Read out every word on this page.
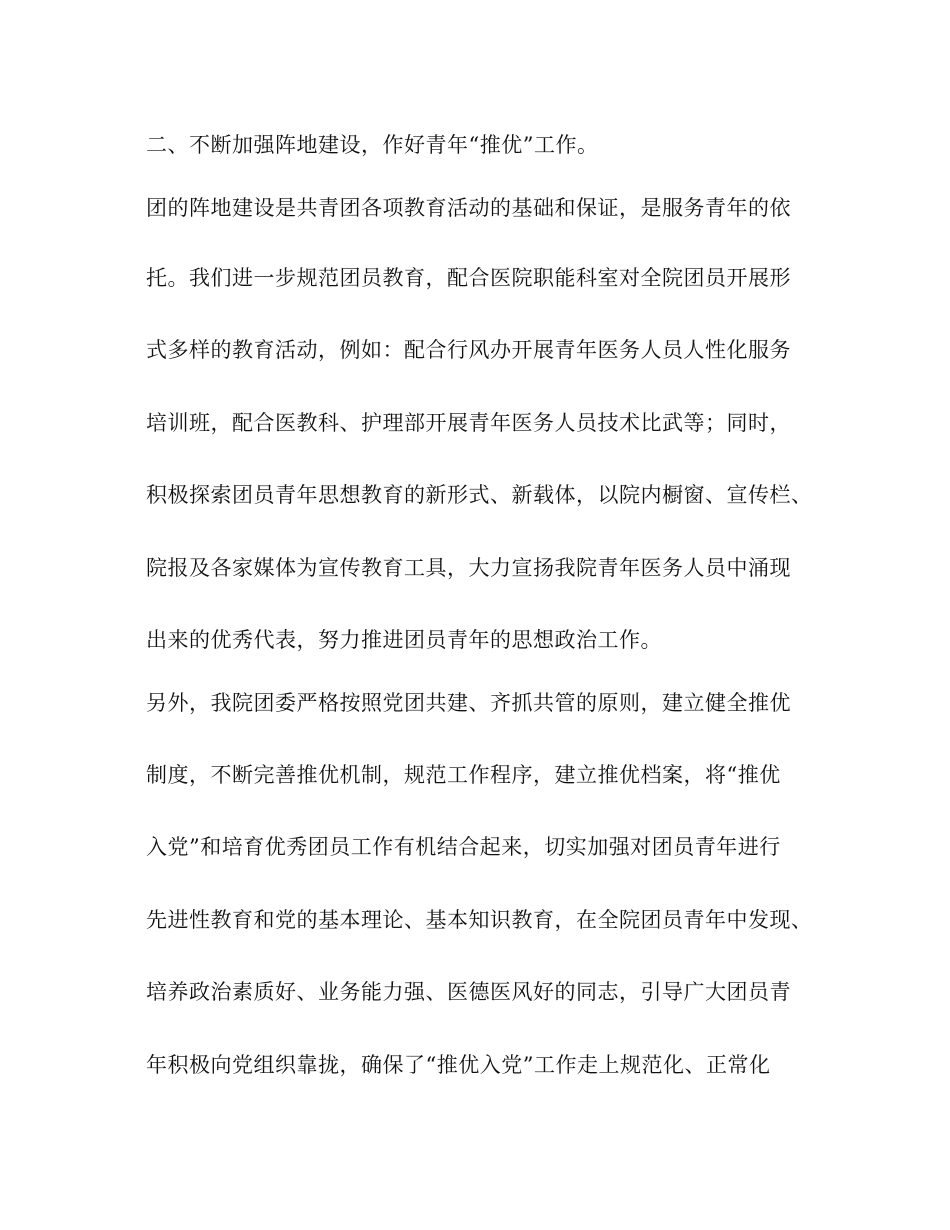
二、不断加强阵地建设，作好青年“推优”工作。
团的阵地建设是共青团各项教育活动的基础和保证，是服务青年的依
托。我们进一步规范团员教育，配合医院职能科室对全院团员开展形
式多样的教育活动，例如：配合行风办开展青年医务人员人性化服务
培训班，配合医教科、护理部开展青年医务人员技术比武等；同时，
积极探索团员青年思想教育的新形式、新载体，以院内橱窗、宣传栏、
院报及各家媒体为宣传教育工具，大力宣扬我院青年医务人员中涌现
出来的优秀代表，努力推进团员青年的思想政治工作。
另外，我院团委严格按照党团共建、齐抓共管的原则，建立健全推优
制度，不断完善推优机制，规范工作程序，建立推优档案，将“推优
入党”和培育优秀团员工作有机结合起来，切实加强对团员青年进行
先进性教育和党的基本理论、基本知识教育，在全院团员青年中发现、
培养政治素质好、业务能力强、医德医风好的同志，引导广大团员青
年积极向党组织靠拢，确保了“推优入党”工作走上规范化、正常化
